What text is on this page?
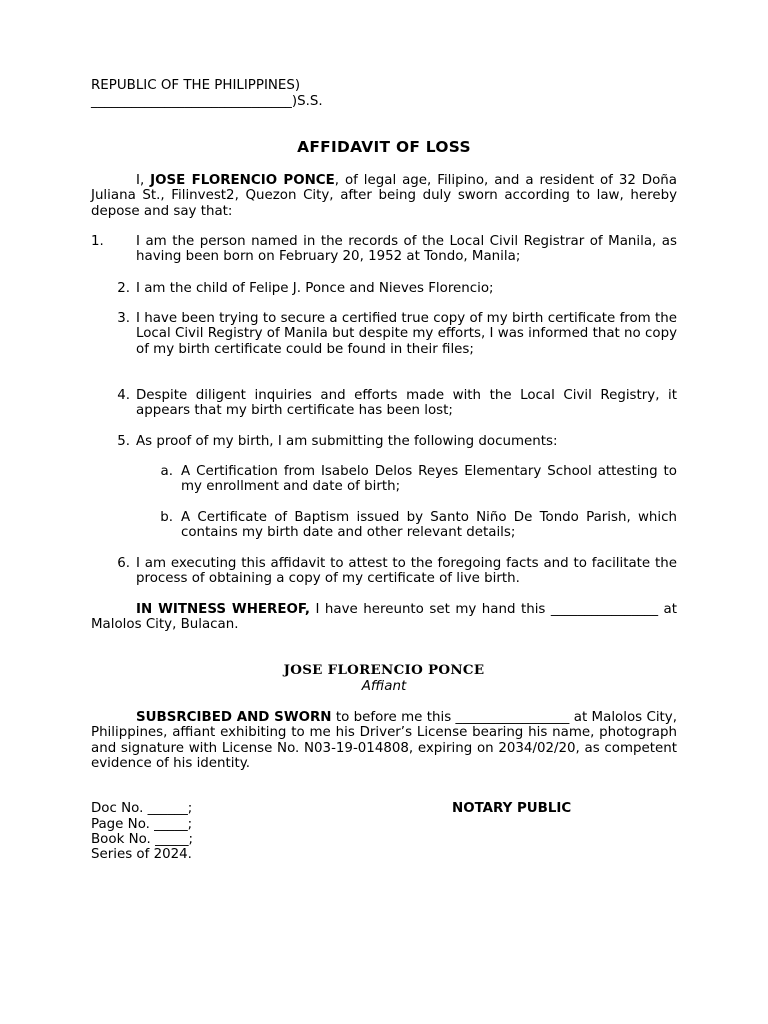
REPUBLIC OF THE PHILIPPINES)
______________________________)S.S.
AFFIDAVIT OF LOSS
I, JOSE FLORENCIO PONCE, of legal age, Filipino, and a resident of 32 Doña Juliana St., Filinvest2, Quezon City, after being duly sworn according to law, hereby depose and say that:
1.	I am the person named in the records of the Local Civil Registrar of Manila, as having been born on February 20, 1952 at Tondo, Manila;
2. I am the child of Felipe J. Ponce and Nieves Florencio;
3. I have been trying to secure a certified true copy of my birth certificate from the Local Civil Registry of Manila but despite my efforts, I was informed that no copy of my birth certificate could be found in their files;
4. Despite diligent inquiries and efforts made with the Local Civil Registry, it appears that my birth certificate has been lost;
5. As proof of my birth, I am submitting the following documents:
a. A Certification from Isabelo Delos Reyes Elementary School attesting to my enrollment and date of birth;
b. A Certificate of Baptism issued by Santo Niño De Tondo Parish, which contains my birth date and other relevant details;
6. I am executing this affidavit to attest to the foregoing facts and to facilitate the process of obtaining a copy of my certificate of live birth.
IN WITNESS WHEREOF, I have hereunto set my hand this ________________ at Malolos City, Bulacan.
JOSE FLORENCIO PONCE
Affiant
SUBSRCIBED AND SWORN to before me this _________________ at Malolos City, Philippines, affiant exhibiting to me his Driver’s License bearing his name, photograph and signature with License No. N03-19-014808, expiring on 2034/02/20, as competent evidence of his identity.
Doc No. ______;
Page No. _____;
Book No. _____;
Series of 2024.
NOTARY PUBLIC
